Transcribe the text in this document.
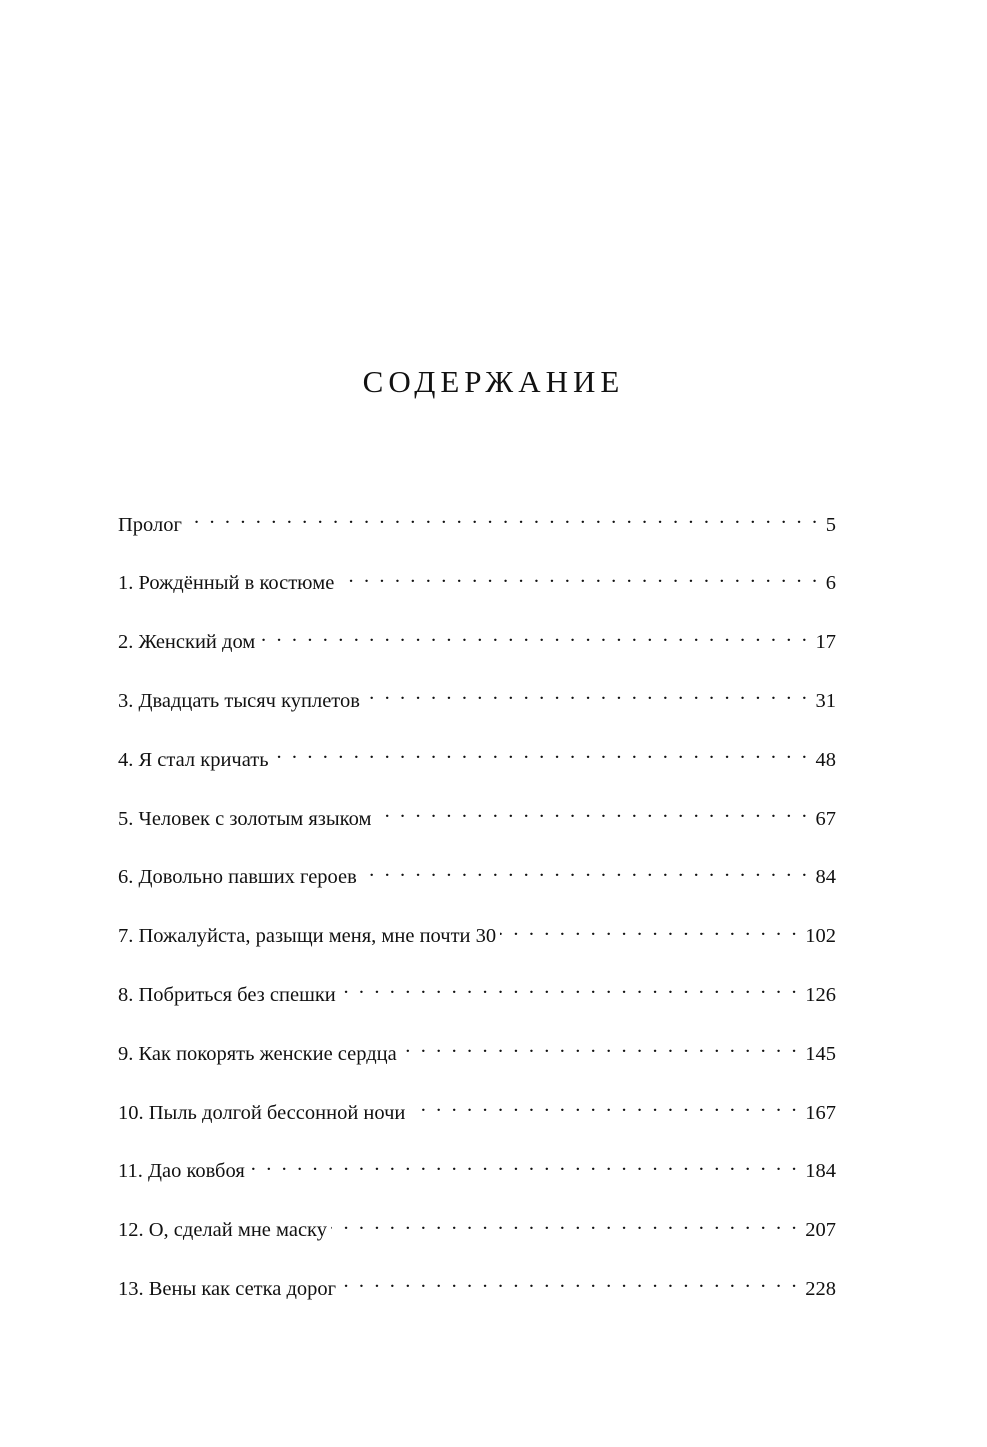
СОДЕРЖАНИЕ
Пролог . . .	5
1. Рождённый в костюме . . .	6
2. Женский дом . . .	17
3. Двадцать тысяч куплетов . . .	31
4. Я стал кричать . . .	48
5. Человек с золотым языком . . .	67
6. Довольно павших героев . . .	84
7. Пожалуйста, разыщи меня, мне почти 30 . . .	102
8. Побриться без спешки . . .	126
9. Как покорять женские сердца . . .	145
10. Пыль долгой бессонной ночи . . .	167
11. Дао ковбоя . . .	184
12. О, сделай мне маску . . .	207
13. Вены как сетка дорог . . .	228
